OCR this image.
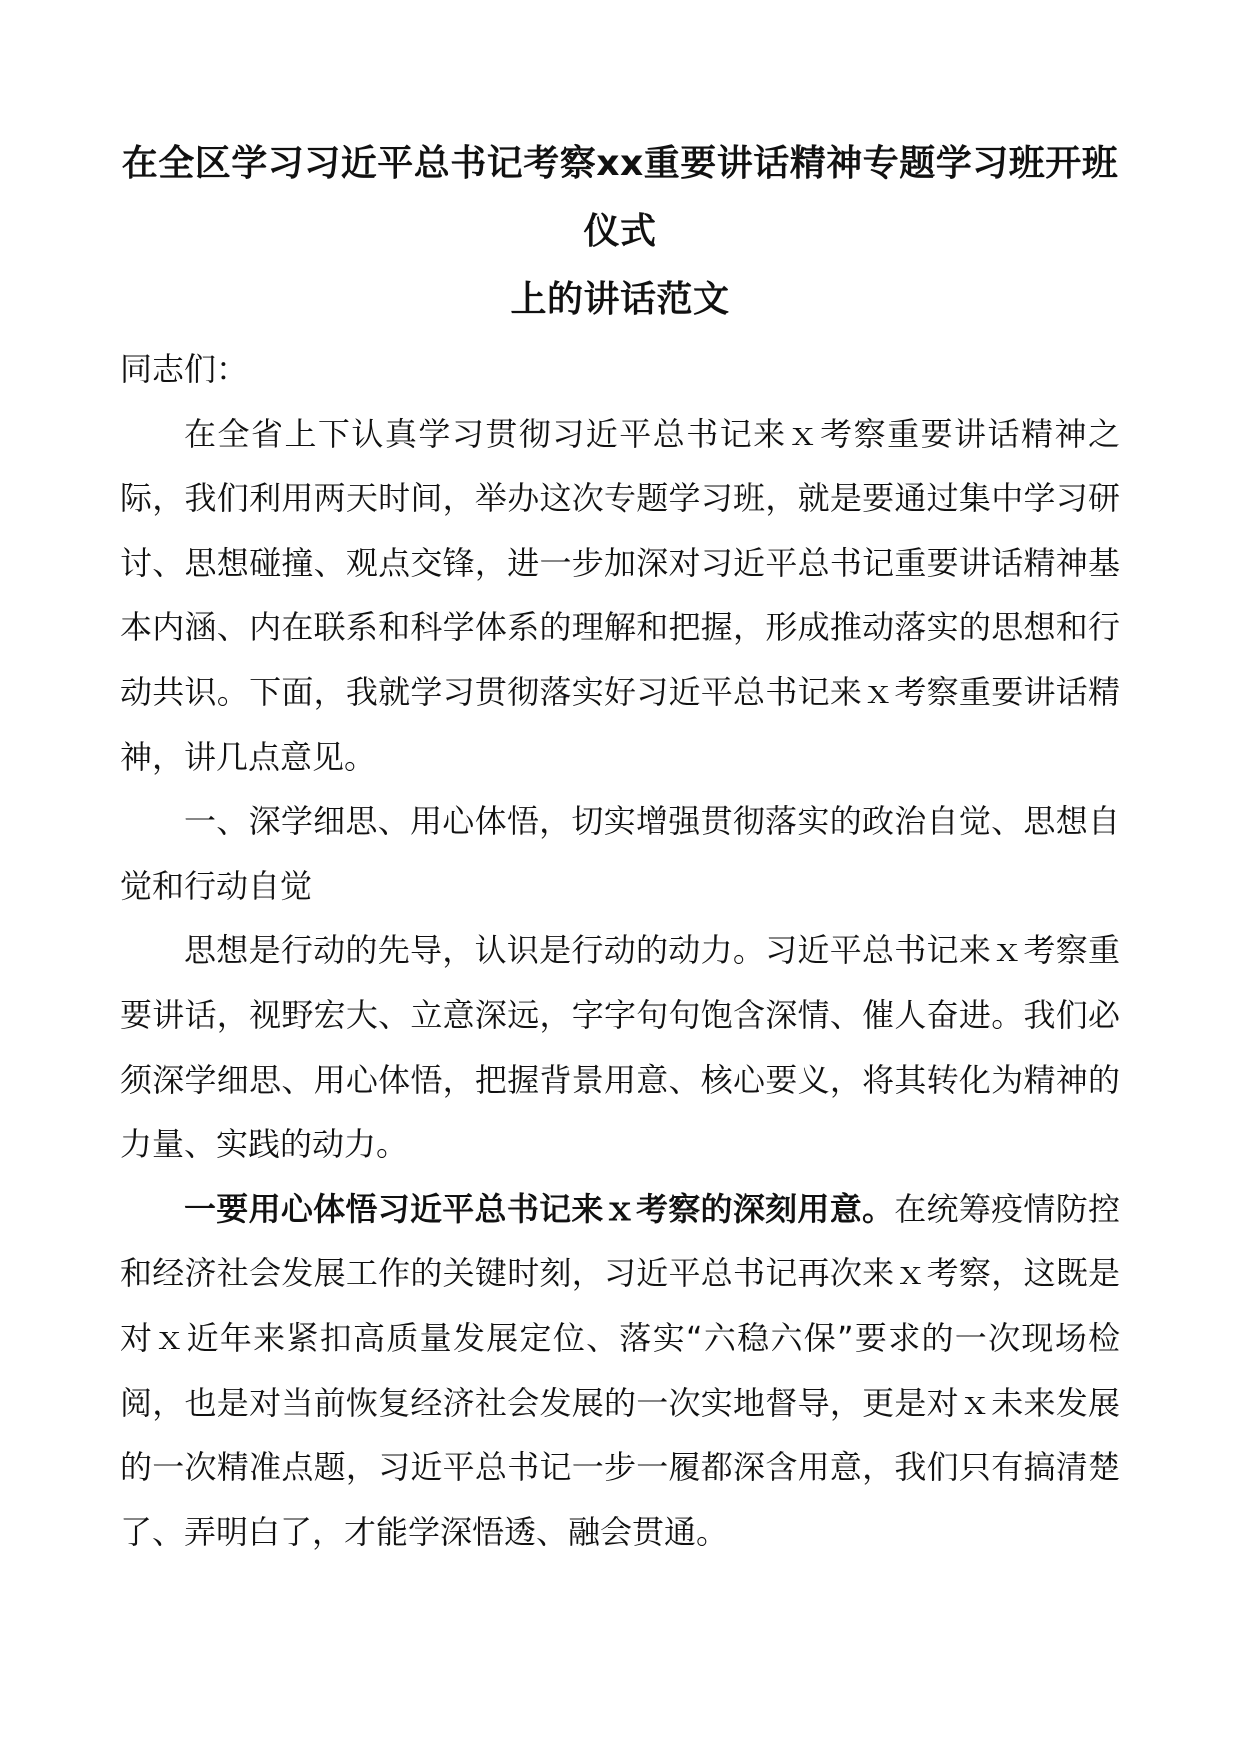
在全区学习习近平总书记考察xx重要讲话精神专题学习班开班仪式
上的讲话范文

同志们：

在全省上下认真学习贯彻习近平总书记来ｘ考察重要讲话精神之际，我们利用两天时间，举办这次专题学习班，就是要通过集中学习研讨、思想碰撞、观点交锋，进一步加深对习近平总书记重要讲话精神基本内涵、内在联系和科学体系的理解和把握，形成推动落实的思想和行动共识。下面，我就学习贯彻落实好习近平总书记来ｘ考察重要讲话精神，讲几点意见。

一、深学细思、用心体悟，切实增强贯彻落实的政治自觉、思想自觉和行动自觉

思想是行动的先导，认识是行动的动力。习近平总书记来ｘ考察重要讲话，视野宏大、立意深远，字字句句饱含深情、催人奋进。我们必须深学细思、用心体悟，把握背景用意、核心要义，将其转化为精神的力量、实践的动力。

一要用心体悟习近平总书记来ｘ考察的深刻用意。在统筹疫情防控和经济社会发展工作的关键时刻，习近平总书记再次来ｘ考察，这既是对ｘ近年来紧扣高质量发展定位、落实“六稳六保”要求的一次现场检阅，也是对当前恢复经济社会发展的一次实地督导，更是对ｘ未来发展的一次精准点题，习近平总书记一步一履都深含用意，我们只有搞清楚了、弄明白了，才能学深悟透、融会贯通。
